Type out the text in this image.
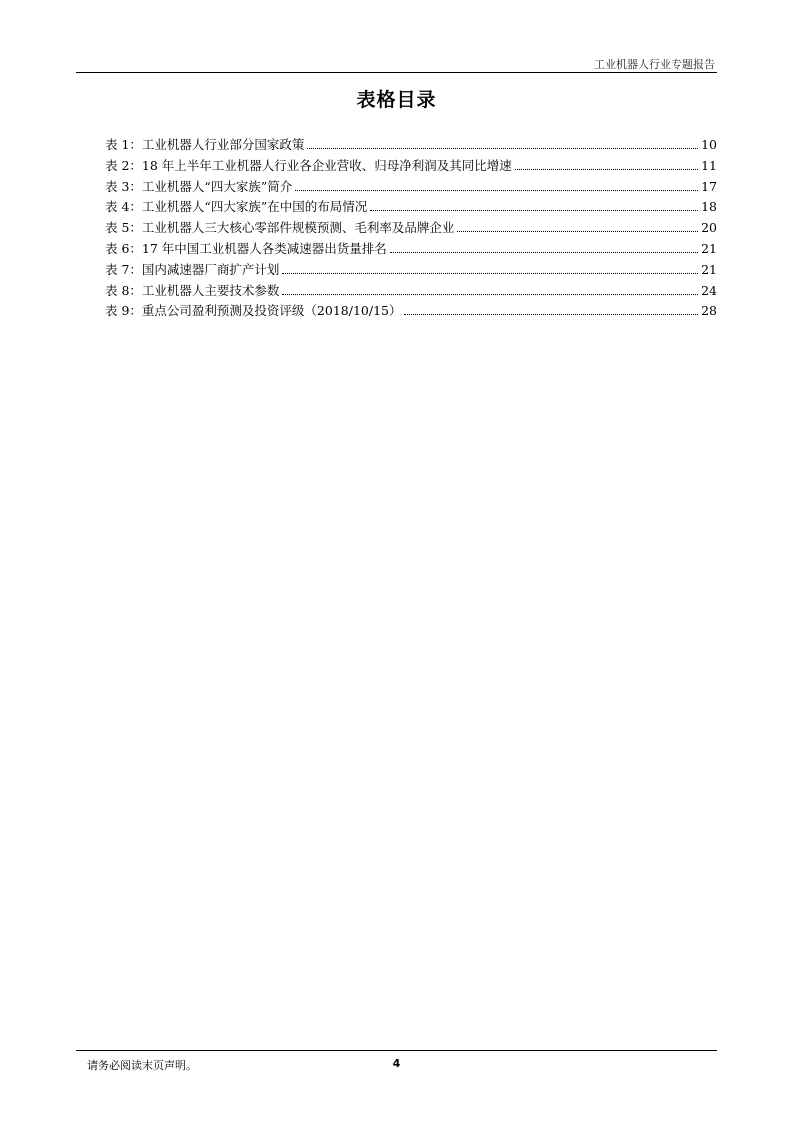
工业机器人行业专题报告
表格目录
表 1：工业机器人行业部分国家政策	10
表 2：18 年上半年工业机器人行业各企业营收、归母净利润及其同比增速	11
表 3：工业机器人“四大家族”简介	17
表 4：工业机器人“四大家族”在中国的布局情况	18
表 5：工业机器人三大核心零部件规模预测、毛利率及品牌企业	20
表 6：17 年中国工业机器人各类减速器出货量排名	21
表 7：国内减速器厂商扩产计划	21
表 8：工业机器人主要技术参数	24
表 9：重点公司盈利预测及投资评级（2018/10/15）	28
请务必阅读末页声明。	4
